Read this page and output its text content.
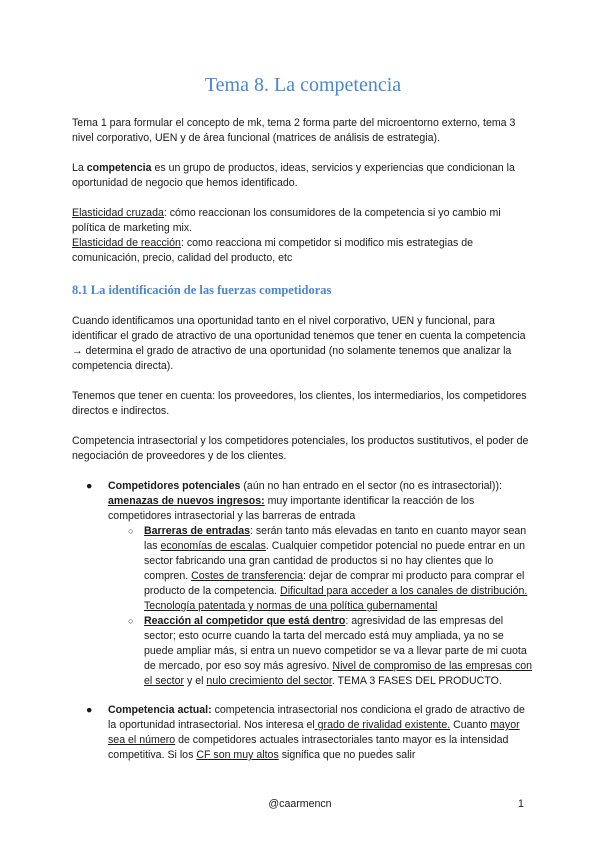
Tema 8. La competencia

Tema 1 para formular el concepto de mk, tema 2 forma parte del microentorno externo, tema 3 nivel corporativo, UEN y de área funcional (matrices de análisis de estrategia).

La competencia es un grupo de productos, ideas, servicios y experiencias que condicionan la oportunidad de negocio que hemos identificado.

Elasticidad cruzada: cómo reaccionan los consumidores de la competencia si yo cambio mi política de marketing mix.

Elasticidad de reacción: como reacciona mi competidor si modifico mis estrategias de comunicación, precio, calidad del producto, etc

8.1 La identificación de las fuerzas competidoras

Cuando identificamos una oportunidad tanto en el nivel corporativo, UEN y funcional, para identificar el grado de atractivo de una oportunidad tenemos que tener en cuenta la competencia → determina el grado de atractivo de una oportunidad (no solamente tenemos que analizar la competencia directa).

Tenemos que tener en cuenta: los proveedores, los clientes, los intermediarios, los competidores directos e indirectos.

Competencia intrasectorial y los competidores potenciales, los productos sustitutivos, el poder de negociación de proveedores y de los clientes.

● Competidores potenciales (aún no han entrado en el sector (no es intrasectorial)): amenazas de nuevos ingresos: muy importante identificar la reacción de los competidores intrasectorial y las barreras de entrada
○ Barreras de entradas: serán tanto más elevadas en tanto en cuanto mayor sean las economías de escalas. Cualquier competidor potencial no puede entrar en un sector fabricando una gran cantidad de productos si no hay clientes que lo compren. Costes de transferencia: dejar de comprar mi producto para comprar el producto de la competencia. Dificultad para acceder a los canales de distribución. Tecnología patentada y normas de una política gubernamental
○ Reacción al competidor que está dentro: agresividad de las empresas del sector; esto ocurre cuando la tarta del mercado está muy ampliada, ya no se puede ampliar más, si entra un nuevo competidor se va a llevar parte de mi cuota de mercado, por eso soy más agresivo. Nivel de compromiso de las empresas con el sector y el nulo crecimiento del sector. TEMA 3 FASES DEL PRODUCTO.
● Competencia actual: competencia intrasectorial nos condiciona el grado de atractivo de la oportunidad intrasectorial. Nos interesa el grado de rivalidad existente. Cuanto mayor sea el número de competidores actuales intrasectoriales tanto mayor es la intensidad competitiva. Si los CF son muy altos significa que no puedes salir
@caarmencn	1
